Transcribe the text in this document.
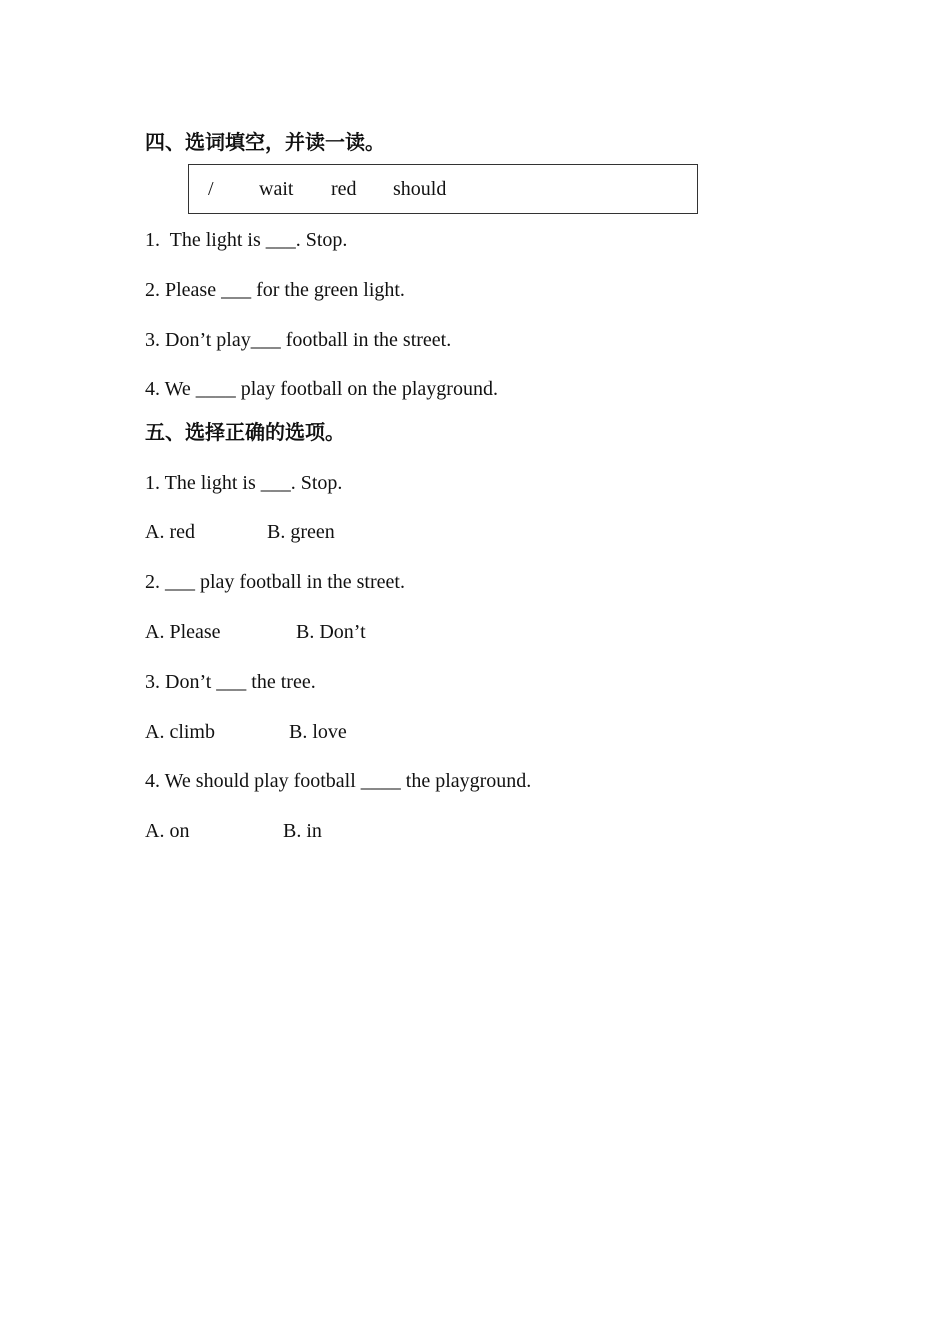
四、选词填空，并读一读。
/ wait red should
1.  The light is ___. Stop.
2. Please ___ for the green light.
3. Don’t play___ football in the street.
4. We ____ play football on the playground.
五、选择正确的选项。
1. The light is ___. Stop.
A. red	B. green
2. ___ play football in the street.
A. Please	B. Don’t
3. Don’t ___ the tree.
A. climb	B. love
4. We should play football ____ the playground.
A. on	B. in
